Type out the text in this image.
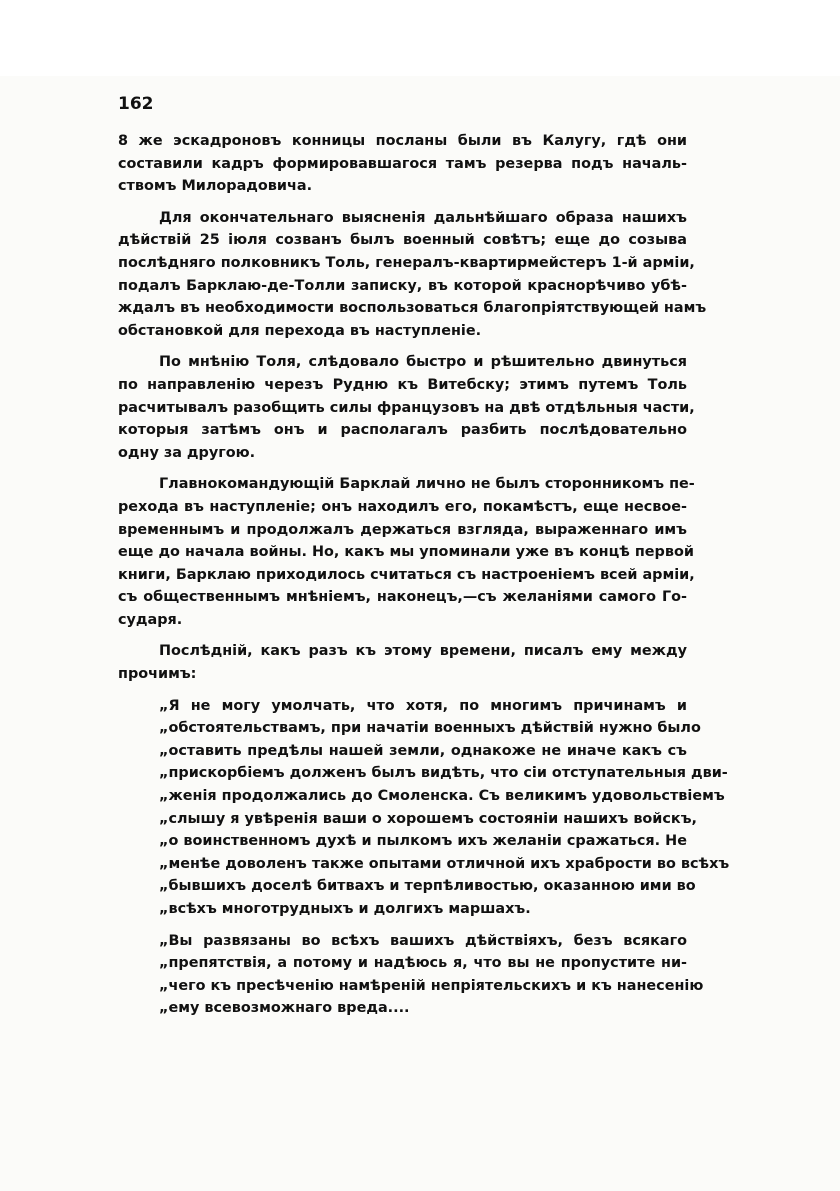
162
8 же эскадроновъ конницы посланы были въ Калугу, гдѣ они
составили кадръ формировавшагося тамъ резерва подъ началь-
ствомъ Милорадовича.
Для окончательнаго выясненія дальнѣйшаго образа нашихъ
дѣйствій 25 іюля созванъ былъ военный совѣтъ; еще до созыва
послѣдняго полковникъ Толь, генералъ-квартирмейстеръ 1-й арміи,
подалъ Барклаю-де-Толли записку, въ которой краснорѣчиво убѣ-
ждалъ въ необходимости воспользоваться благопріятствующей намъ
обстановкой для перехода въ наступленіе.
По мнѣнію Толя, слѣдовало быстро и рѣшительно двинуться
по направленію черезъ Рудню къ Витебску; этимъ путемъ Толь
расчитывалъ разобщить силы французовъ на двѣ отдѣльныя части,
которыя затѣмъ онъ и располагалъ разбить послѣдовательно
одну за другою.
Главнокомандующій Барклай лично не былъ сторонникомъ пе-
рехода въ наступленіе; онъ находилъ его, покамѣстъ, еще несвое-
временнымъ и продолжалъ держаться взгляда, выраженнаго имъ
еще до начала войны. Но, какъ мы упоминали уже въ концѣ первой
книги, Барклаю приходилось считаться съ настроеніемъ всей арміи,
съ общественнымъ мнѣніемъ, наконецъ,—съ желаніями самого Го-
сударя.
Послѣдній, какъ разъ къ этому времени, писалъ ему между
прочимъ:
„Я не могу умолчать, что хотя, по многимъ причинамъ и
„обстоятельствамъ, при начатіи военныхъ дѣйствій нужно было
„оставить предѣлы нашей земли, однакоже не иначе какъ съ
„прискорбіемъ долженъ былъ видѣть, что сіи отступательныя дви-
„женія продолжались до Смоленска. Съ великимъ удовольствіемъ
„слышу я увѣренія ваши о хорошемъ состояніи нашихъ войскъ,
„о воинственномъ духѣ и пылкомъ ихъ желаніи сражаться. Не
„менѣе доволенъ также опытами отличной ихъ храбрости во всѣхъ
„бывшихъ доселѣ битвахъ и терпѣливостью, оказанною ими во
„всѣхъ многотрудныхъ и долгихъ маршахъ.
„Вы развязаны во всѣхъ вашихъ дѣйствіяхъ, безъ всякаго
„препятствія, а потому и надѣюсь я, что вы не пропустите ни-
„чего къ пресѣченію намѣреній непріятельскихъ и къ нанесенію
„ему всевозможнаго вреда....
